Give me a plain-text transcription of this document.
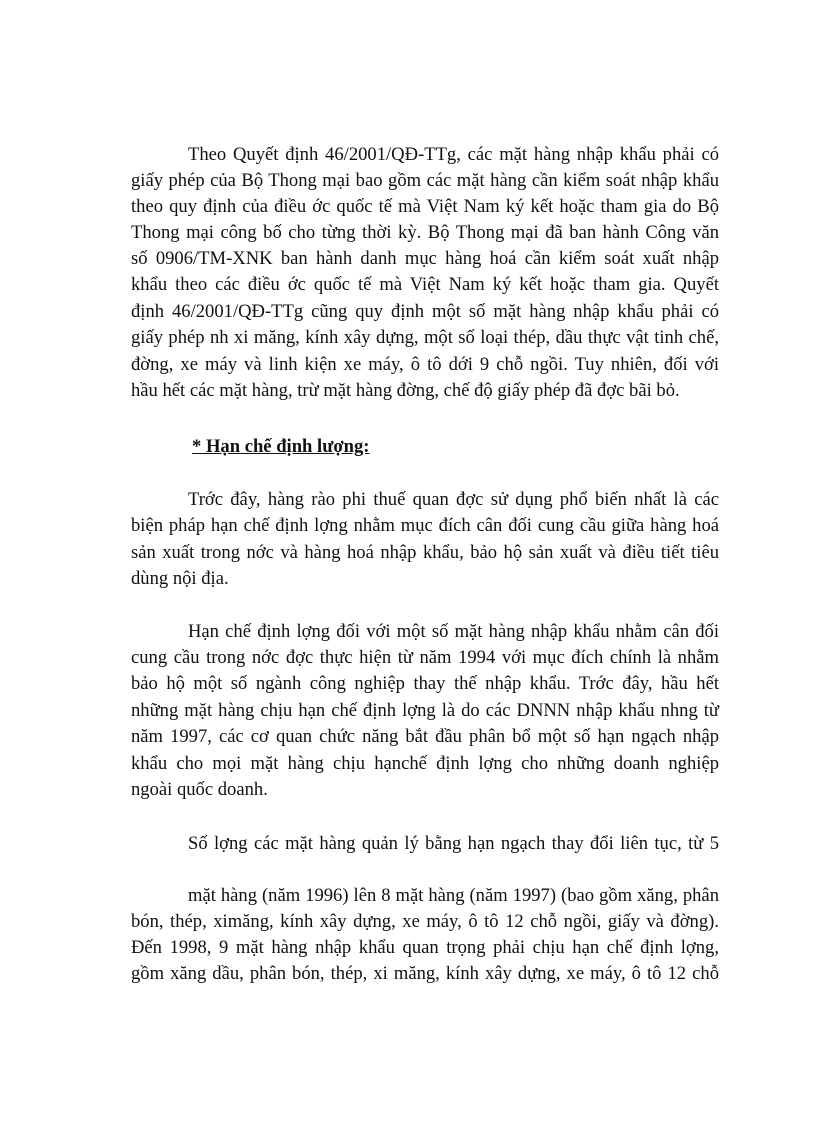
Theo Quyết định 46/2001/QĐ-TTg, các mặt hàng nhập khẩu phải có
giấy phép của Bộ Thong mại bao gồm các mặt hàng cần kiểm soát nhập khẩu
theo quy định của điều ớc quốc tế mà Việt Nam ký kết hoặc tham gia do Bộ
Thong mại công bố cho từng thời kỳ. Bộ Thong mại đã ban hành Công văn
số 0906/TM-XNK ban hành danh mục hàng hoá cần kiểm soát xuất nhập
khẩu theo các điều ớc quốc tế mà Việt Nam ký kết hoặc tham gia. Quyết
định 46/2001/QĐ-TTg cũng quy định một số mặt hàng nhập khẩu phải có
giấy phép nh xi măng, kính xây dựng, một số loại thép, dầu thực vật tinh chế,
đờng, xe máy và linh kiện xe máy, ô tô dới 9 chỗ ngồi. Tuy nhiên, đối với
hầu hết các mặt hàng, trừ mặt hàng đờng, chế độ giấy phép đã đợc bãi bỏ.
* Hạn chế định lượng:
Trớc đây, hàng rào phi thuế quan đợc sử dụng phổ biến nhất là các
biện pháp hạn chế định lợng nhằm mục đích cân đối cung cầu giữa hàng hoá
sản xuất trong nớc và hàng hoá nhập khẩu, bảo hộ sản xuất và điều tiết tiêu
dùng nội địa.
Hạn chế định lợng đối với một số mặt hàng nhập khẩu nhằm cân đối
cung cầu trong nớc đợc thực hiện từ năm 1994 với mục đích chính là nhằm
bảo hộ một số ngành công nghiệp thay thế nhập khẩu. Trớc đây, hầu hết
những mặt hàng chịu hạn chế định lợng là do các DNNN nhập khẩu nhng từ
năm 1997, các cơ quan chức năng bắt đầu phân bổ một số hạn ngạch nhập
khẩu cho mọi mặt hàng chịu hạnchế định lợng cho những doanh nghiệp
ngoài quốc doanh.
Số lợng các mặt hàng quản lý bằng hạn ngạch thay đổi liên tục, từ 5
mặt hàng (năm 1996) lên 8 mặt hàng (năm 1997) (bao gồm xăng, phân
bón, thép, ximăng, kính xây dựng, xe máy, ô tô 12 chỗ ngồi, giấy và đờng).
Đến 1998, 9 mặt hàng nhập khẩu quan trọng phải chịu hạn chế định lợng,
gồm xăng dầu, phân bón, thép, xi măng, kính xây dựng, xe máy, ô tô 12 chỗ
